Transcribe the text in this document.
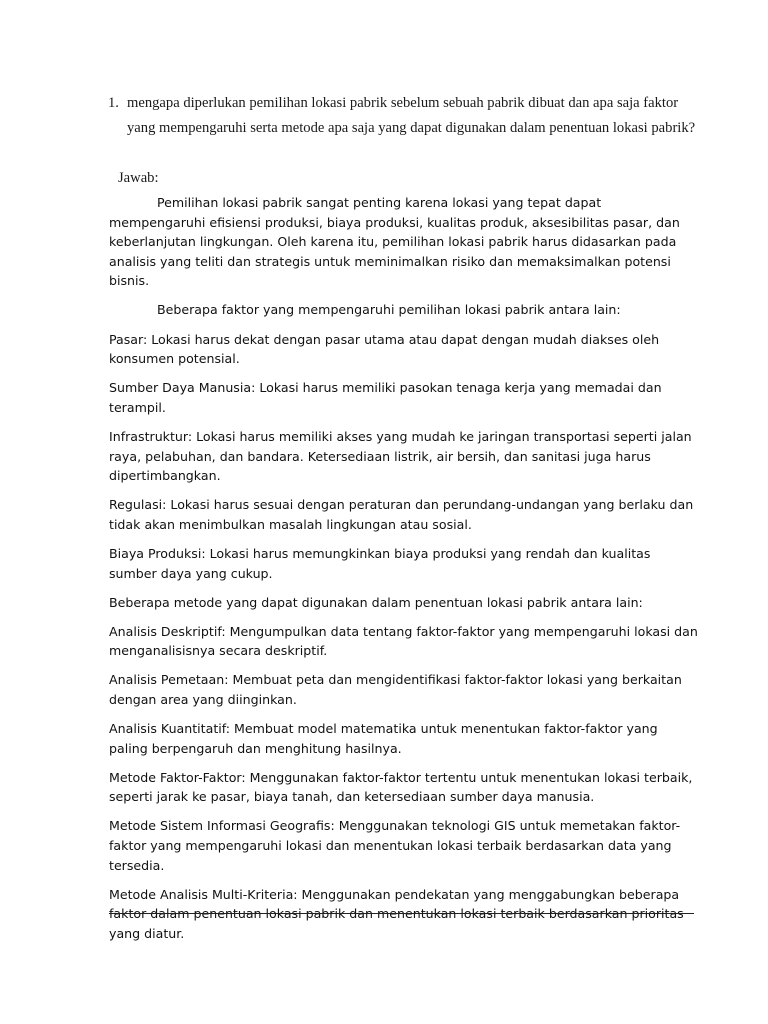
1. mengapa diperlukan pemilihan lokasi pabrik sebelum sebuah pabrik dibuat dan apa saja faktor yang mempengaruhi serta metode apa saja yang dapat digunakan dalam penentuan lokasi pabrik?
Jawab:

Pemilihan lokasi pabrik sangat penting karena lokasi yang tepat dapat mempengaruhi efisiensi produksi, biaya produksi, kualitas produk, aksesibilitas pasar, dan keberlanjutan lingkungan. Oleh karena itu, pemilihan lokasi pabrik harus didasarkan pada analisis yang teliti dan strategis untuk meminimalkan risiko dan memaksimalkan potensi bisnis.

Beberapa faktor yang mempengaruhi pemilihan lokasi pabrik antara lain:

Pasar: Lokasi harus dekat dengan pasar utama atau dapat dengan mudah diakses oleh konsumen potensial.

Sumber Daya Manusia: Lokasi harus memiliki pasokan tenaga kerja yang memadai dan terampil.

Infrastruktur: Lokasi harus memiliki akses yang mudah ke jaringan transportasi seperti jalan raya, pelabuhan, dan bandara. Ketersediaan listrik, air bersih, dan sanitasi juga harus dipertimbangkan.

Regulasi: Lokasi harus sesuai dengan peraturan dan perundang-undangan yang berlaku dan tidak akan menimbulkan masalah lingkungan atau sosial.

Biaya Produksi: Lokasi harus memungkinkan biaya produksi yang rendah dan kualitas sumber daya yang cukup.

Beberapa metode yang dapat digunakan dalam penentuan lokasi pabrik antara lain:

Analisis Deskriptif: Mengumpulkan data tentang faktor-faktor yang mempengaruhi lokasi dan menganalisisnya secara deskriptif.

Analisis Pemetaan: Membuat peta dan mengidentifikasi faktor-faktor lokasi yang berkaitan dengan area yang diinginkan.

Analisis Kuantitatif: Membuat model matematika untuk menentukan faktor-faktor yang paling berpengaruh dan menghitung hasilnya.

Metode Faktor-Faktor: Menggunakan faktor-faktor tertentu untuk menentukan lokasi terbaik, seperti jarak ke pasar, biaya tanah, dan ketersediaan sumber daya manusia.

Metode Sistem Informasi Geografis: Menggunakan teknologi GIS untuk memetakan faktor-faktor yang mempengaruhi lokasi dan menentukan lokasi terbaik berdasarkan data yang tersedia.

Metode Analisis Multi-Kriteria: Menggunakan pendekatan yang menggabungkan beberapa faktor dalam penentuan lokasi pabrik dan menentukan lokasi terbaik berdasarkan prioritas yang diatur.
